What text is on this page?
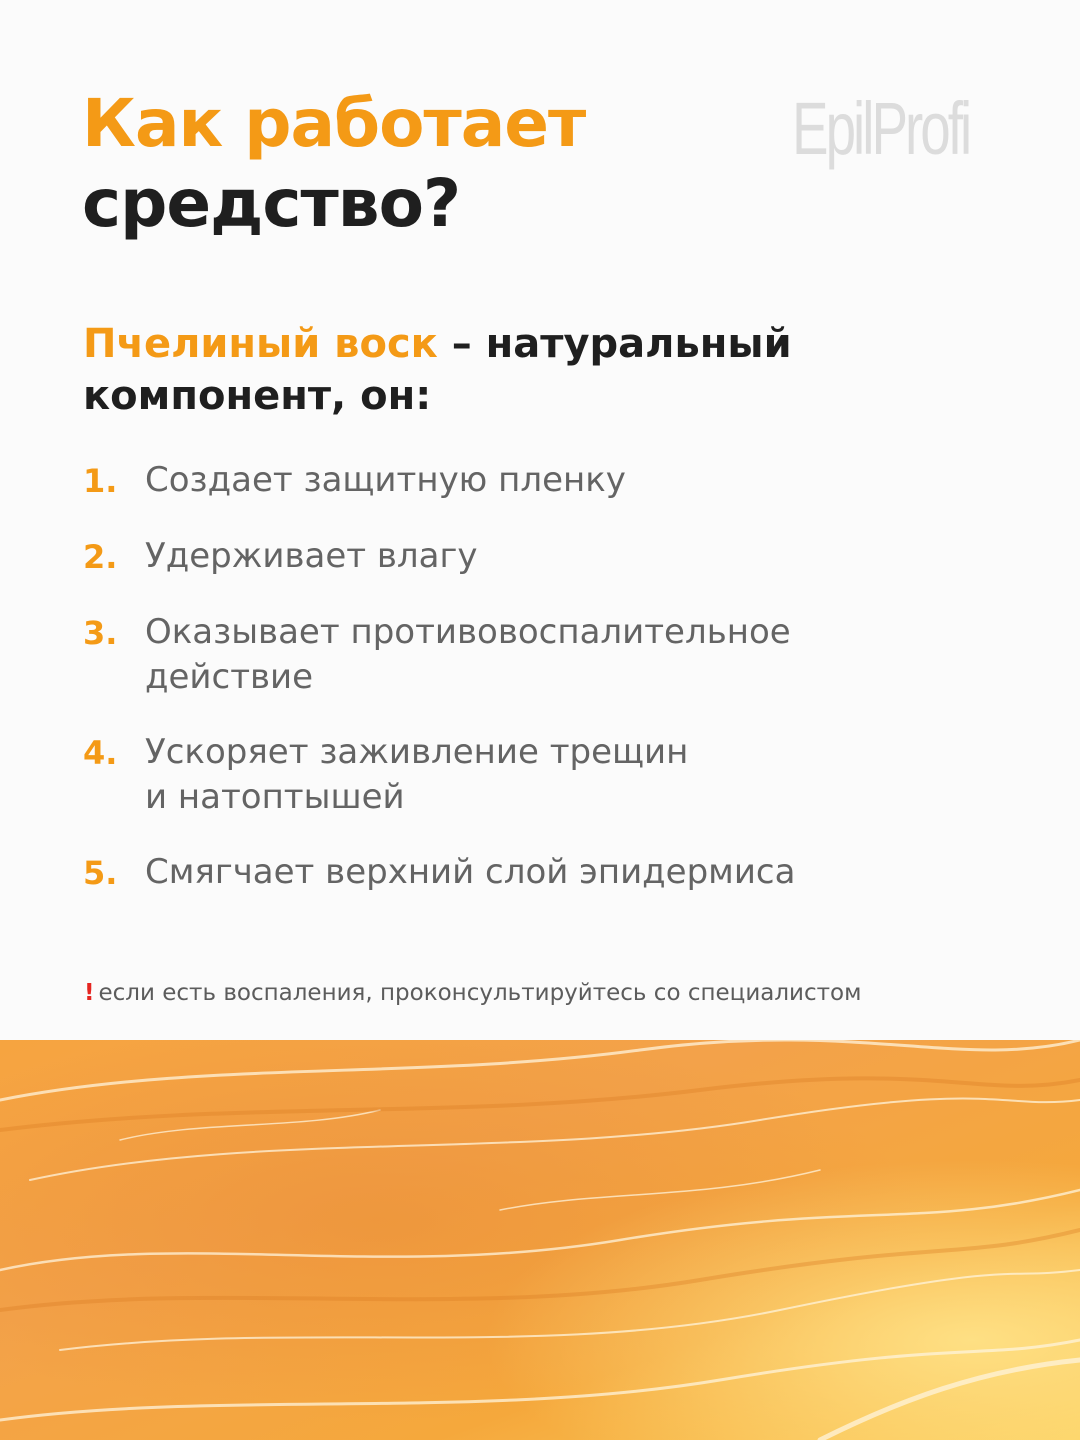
Как работает
средство?
EpilProfi
Пчелиный воск – натуральный
компонент, он:
1. Создает защитную пленку
2. Удерживает влагу
3. Оказывает противовоспалительное
действие
4. Ускоряет заживление трещин
и натоптышей
5. Смягчает верхний слой эпидермиса
! если есть воспаления, проконсультируйтесь со специалистом
